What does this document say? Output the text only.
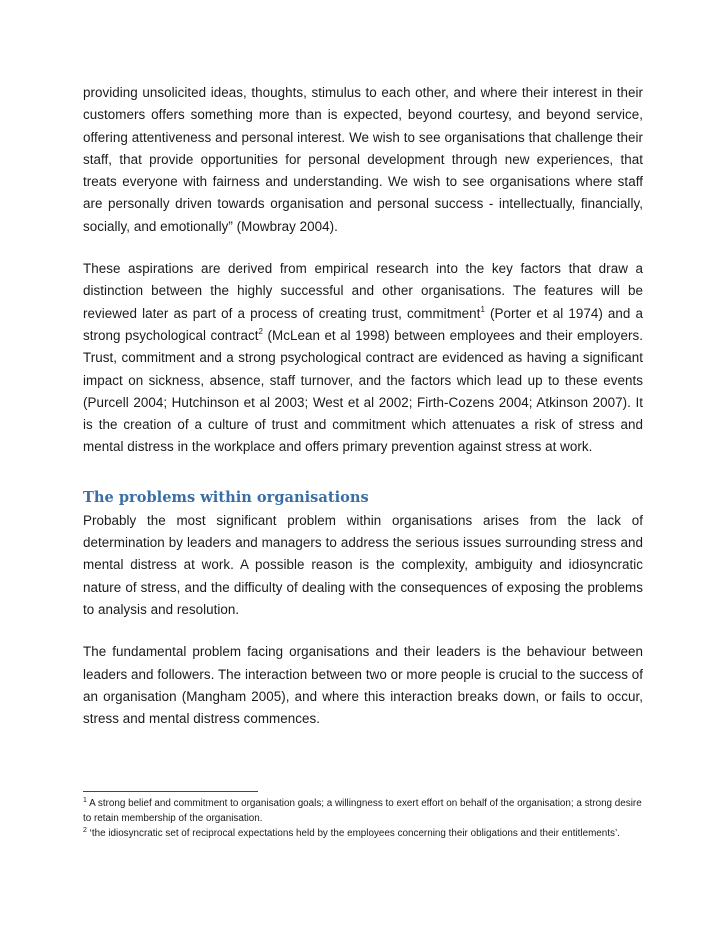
providing unsolicited ideas, thoughts, stimulus to each other, and where their interest in their customers offers something more than is expected, beyond courtesy, and beyond service, offering attentiveness and personal interest. We wish to see organisations that challenge their staff, that provide opportunities for personal development through new experiences, that treats everyone with fairness and understanding. We wish to see organisations where staff are personally driven towards organisation and personal success - intellectually, financially, socially, and emotionally” (Mowbray 2004).

These aspirations are derived from empirical research into the key factors that draw a distinction between the highly successful and other organisations. The features will be reviewed later as part of a process of creating trust, commitment$^1$ (Porter et al 1974) and a strong psychological contract$^2$ (McLean et al 1998) between employees and their employers. Trust, commitment and a strong psychological contract are evidenced as having a significant impact on sickness, absence, staff turnover, and the factors which lead up to these events (Purcell 2004; Hutchinson et al 2003; West et al 2002; Firth-Cozens 2004; Atkinson 2007). It is the creation of a culture of trust and commitment which attenuates a risk of stress and mental distress in the workplace and offers primary prevention against stress at work.

The problems within organisations

Probably the most significant problem within organisations arises from the lack of determination by leaders and managers to address the serious issues surrounding stress and mental distress at work. A possible reason is the complexity, ambiguity and idiosyncratic nature of stress, and the difficulty of dealing with the consequences of exposing the problems to analysis and resolution.

The fundamental problem facing organisations and their leaders is the behaviour between leaders and followers. The interaction between two or more people is crucial to the success of an organisation (Mangham 2005), and where this interaction breaks down, or fails to occur, stress and mental distress commences.

$^1$ A strong belief and commitment to organisation goals; a willingness to exert effort on behalf of the organisation; a strong desire to retain membership of the organisation.

$^2$ ‘the idiosyncratic set of reciprocal expectations held by the employees concerning their obligations and their entitlements’.
